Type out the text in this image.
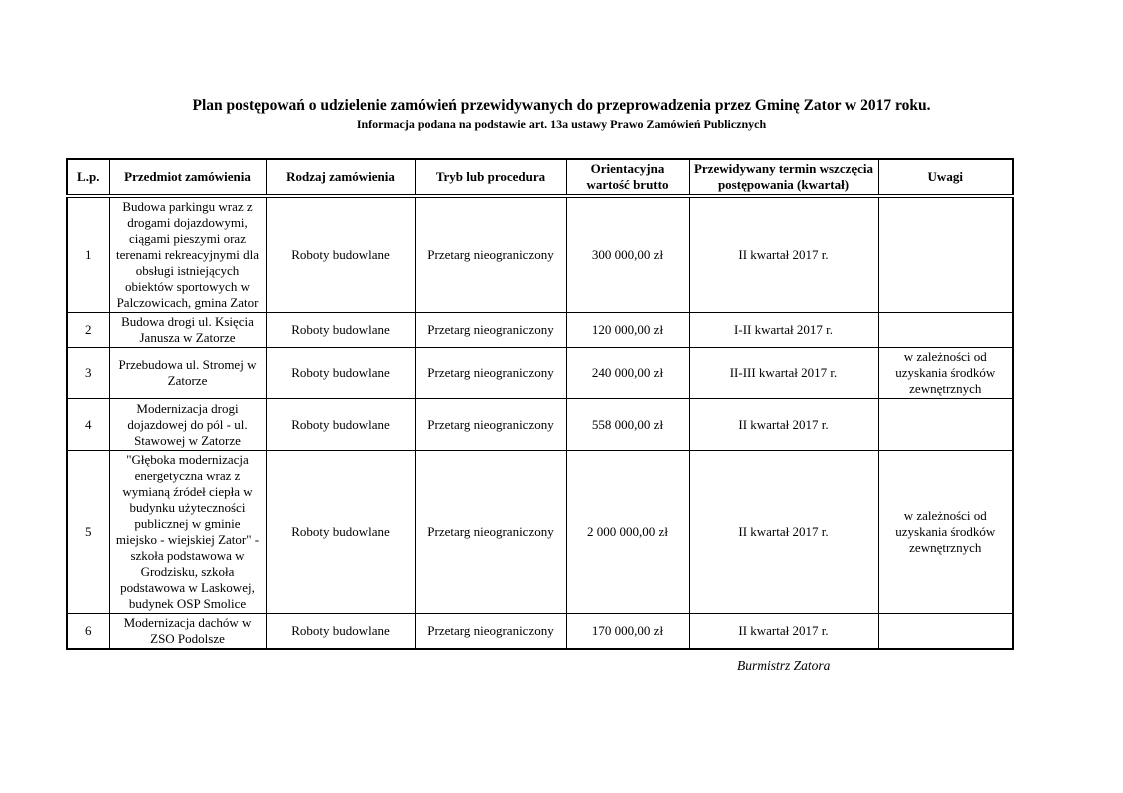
Plan postępowań o udzielenie zamówień przewidywanych do przeprowadzenia przez Gminę Zator w 2017 roku.
Informacja podana na podstawie art. 13a ustawy Prawo Zamówień Publicznych
L.p.	Przedmiot zamówienia	Rodzaj zamówienia	Tryb lub procedura	Orientacyjna wartość brutto	Przewidywany termin wszczęcia postępowania (kwartał)	Uwagi
1	Budowa parkingu wraz z drogami dojazdowymi, ciągami pieszymi oraz terenami rekreacyjnymi dla obsługi istniejących obiektów sportowych w Palczowicach, gmina Zator	Roboty budowlane	Przetarg nieograniczony	300 000,00 zł	II kwartał 2017 r.	
2	Budowa drogi ul. Księcia Janusza w Zatorze	Roboty budowlane	Przetarg nieograniczony	120 000,00 zł	I-II kwartał 2017 r.	
3	Przebudowa ul. Stromej w Zatorze	Roboty budowlane	Przetarg nieograniczony	240 000,00 zł	II-III kwartał 2017 r.	w zależności od uzyskania środków zewnętrznych
4	Modernizacja drogi dojazdowej do pól - ul. Stawowej w Zatorze	Roboty budowlane	Przetarg nieograniczony	558 000,00 zł	II kwartał 2017 r.	
5	"Głęboka modernizacja energetyczna wraz z wymianą źródeł ciepła w budynku użyteczności publicznej w gminie miejsko - wiejskiej Zator" - szkoła podstawowa w Grodzisku, szkoła podstawowa w Laskowej, budynek OSP Smolice	Roboty budowlane	Przetarg nieograniczony	2 000 000,00 zł	II kwartał 2017 r.	w zależności od uzyskania środków zewnętrznych
6	Modernizacja dachów w ZSO Podolsze	Roboty budowlane	Przetarg nieograniczony	170 000,00 zł	II kwartał 2017 r.	
Burmistrz Zatora
